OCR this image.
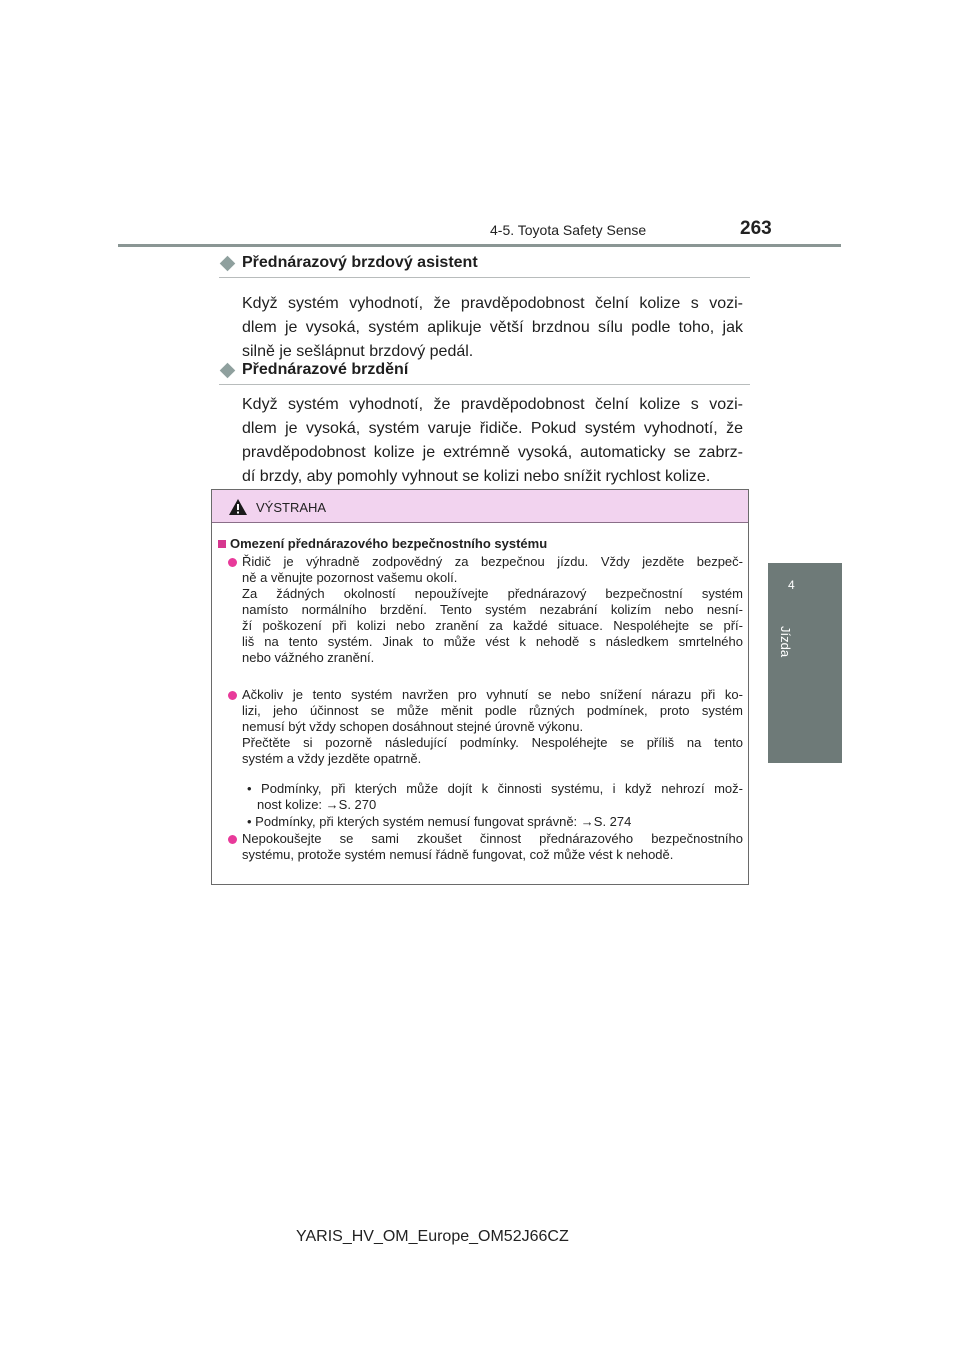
4-5. Toyota Safety Sense	263
4
Jízda
Přednárazový brzdový asistent
Když systém vyhodnotí, že pravděpodobnost čelní kolize s vozi-
dlem je vysoká, systém aplikuje větší brzdnou sílu podle toho, jak
silně je sešlápnut brzdový pedál.
Přednárazové brzdění
Když systém vyhodnotí, že pravděpodobnost čelní kolize s vozi-
dlem je vysoká, systém varuje řidiče. Pokud systém vyhodnotí, že
pravděpodobnost kolize je extrémně vysoká, automaticky se zabrz-
dí brzdy, aby pomohly vyhnout se kolizi nebo snížit rychlost kolize.
VÝSTRAHA
Omezení přednárazového bezpečnostního systému
Řidič je výhradně zodpovědný za bezpečnou jízdu. Vždy jezděte bezpeč-
ně a věnujte pozornost vašemu okolí.
Za žádných okolností nepoužívejte přednárazový bezpečnostní systém
namísto normálního brzdění. Tento systém nezabrání kolizím nebo nesní-
ží poškození při kolizi nebo zranění za každé situace. Nespoléhejte se pří-
liš na tento systém. Jinak to může vést k nehodě s následkem smrtelného
nebo vážného zranění.
Ačkoliv je tento systém navržen pro vyhnutí se nebo snížení nárazu při ko-
lizi, jeho účinnost se může měnit podle různých podmínek, proto systém
nemusí být vždy schopen dosáhnout stejné úrovně výkonu.
Přečtěte si pozorně následující podmínky. Nespoléhejte se příliš na tento
systém a vždy jezděte opatrně.
• Podmínky, při kterých může dojít k činnosti systému, i když nehrozí mož-
nost kolize: →S. 270
• Podmínky, při kterých systém nemusí fungovat správně: →S. 274
Nepokoušejte se sami zkoušet činnost přednárazového bezpečnostního
systému, protože systém nemusí řádně fungovat, což může vést k nehodě.
YARIS_HV_OM_Europe_OM52J66CZ
